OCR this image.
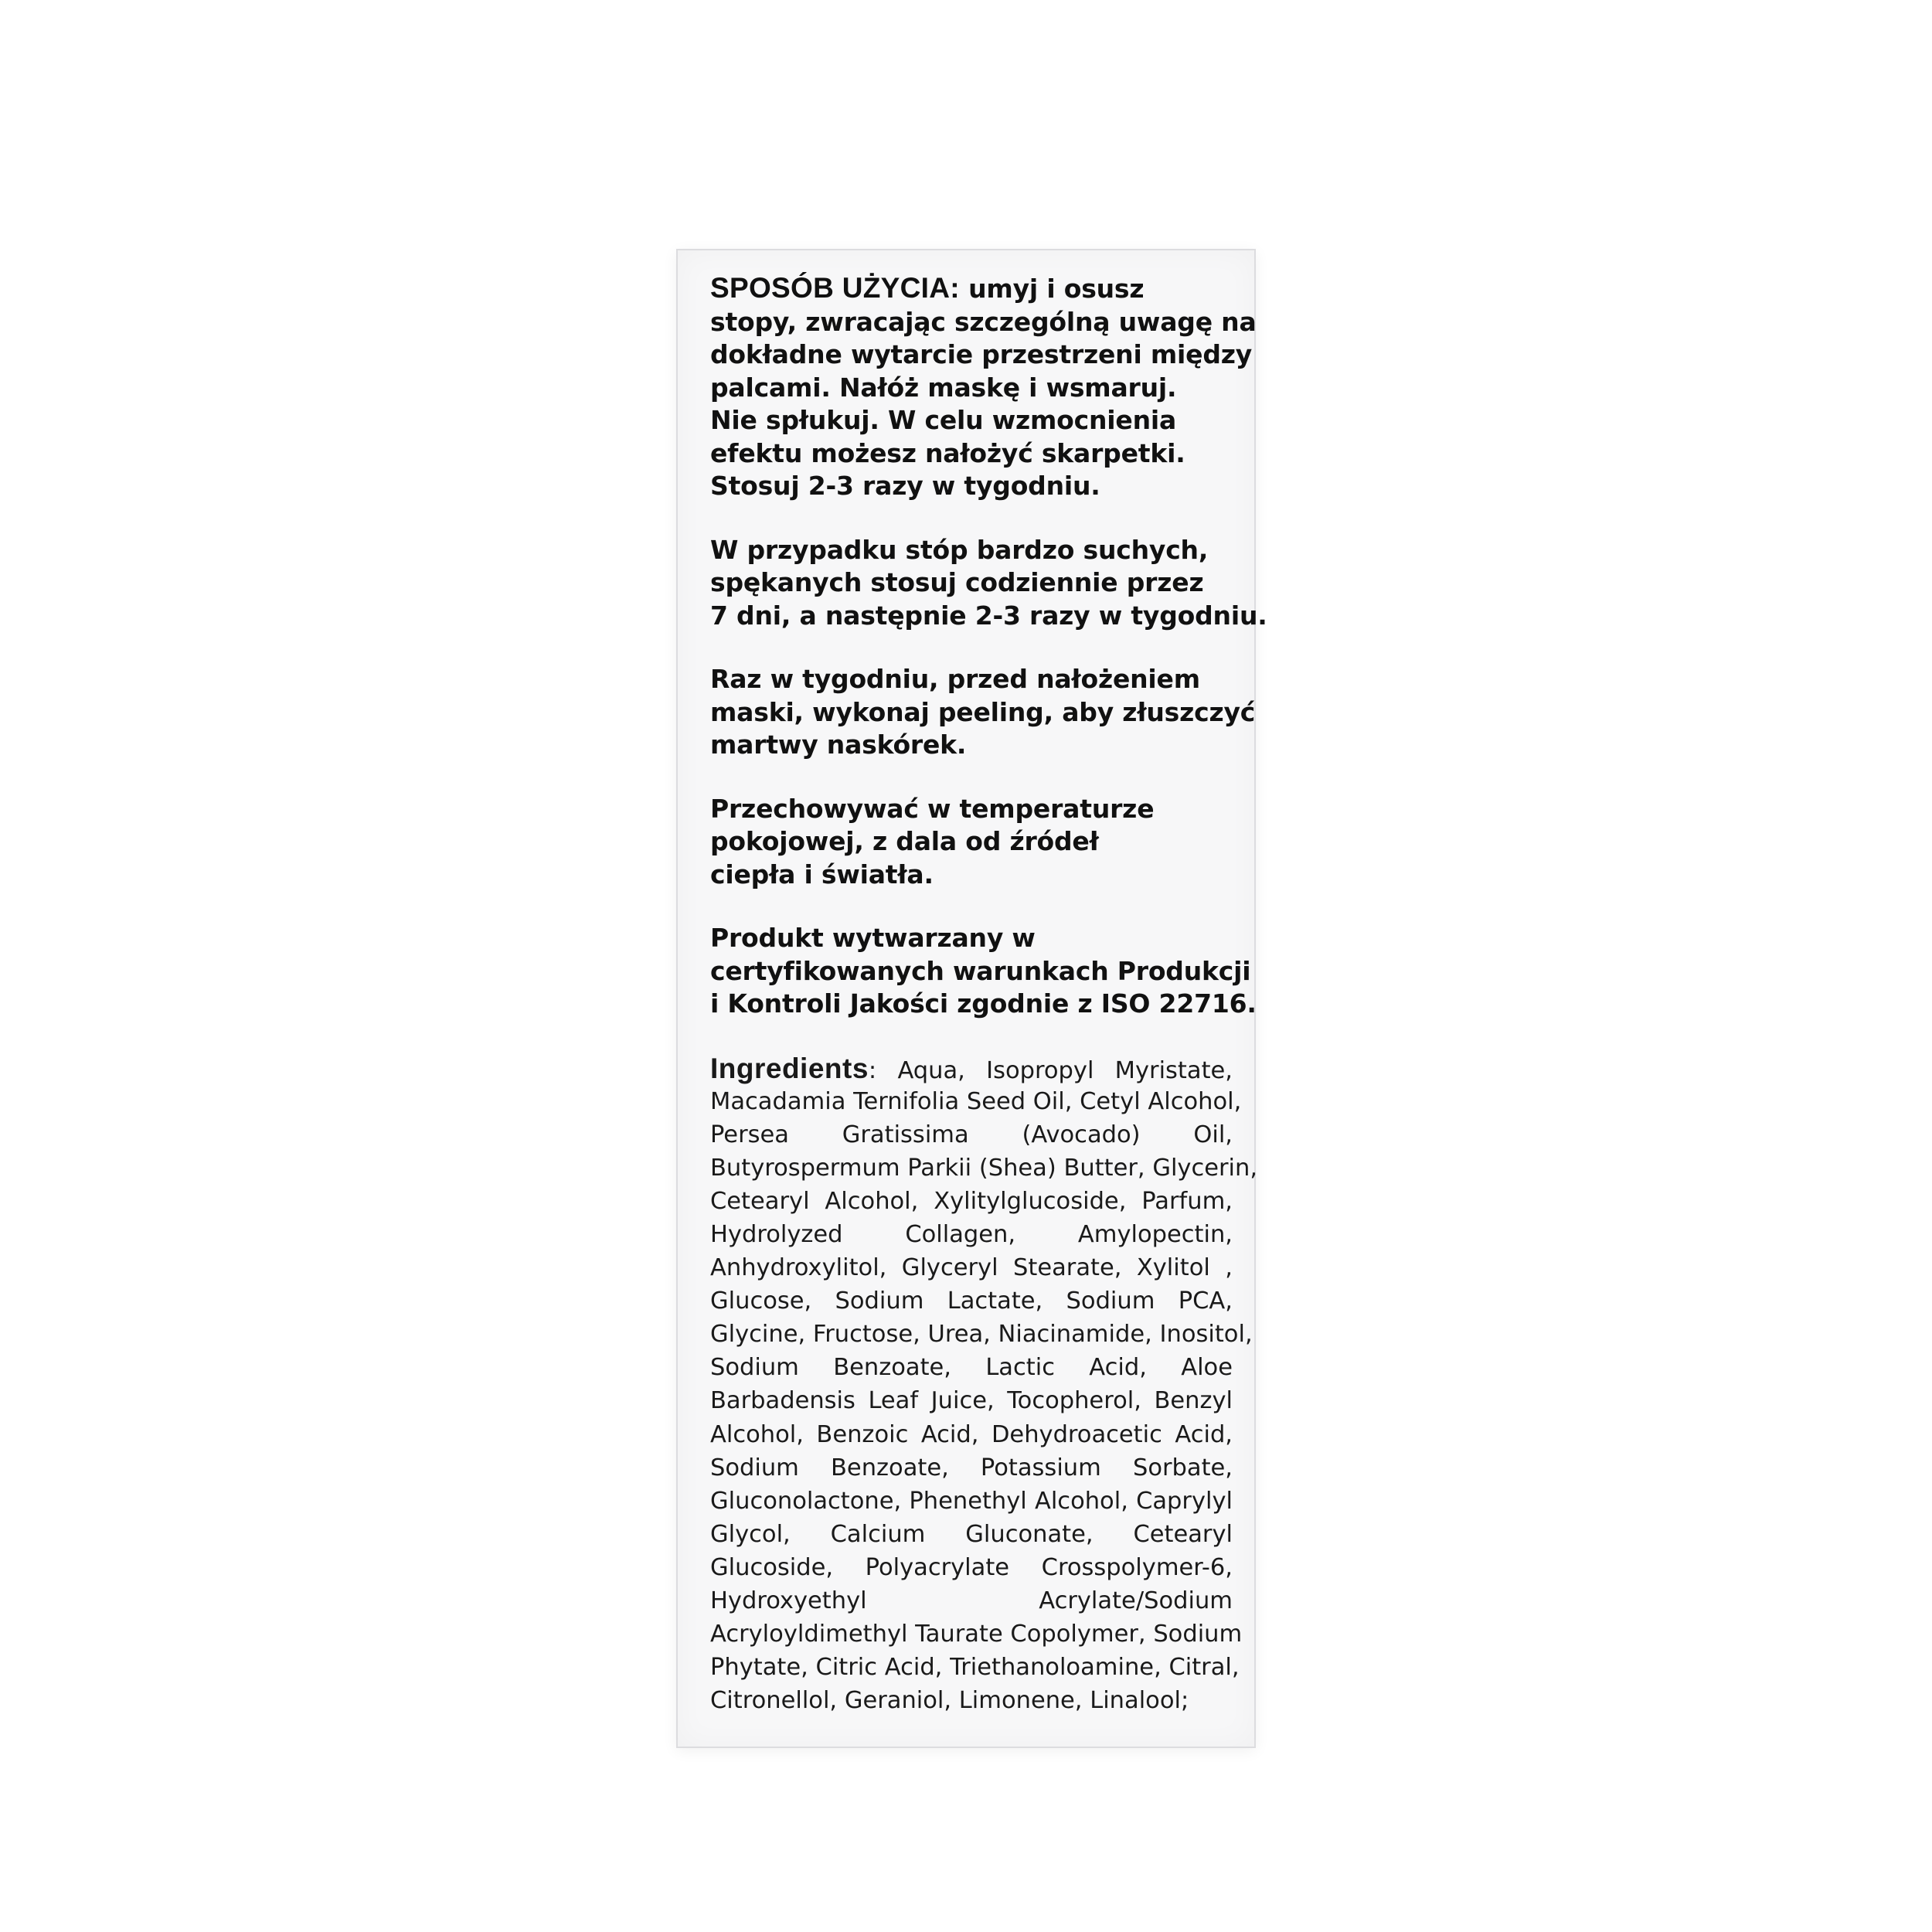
SPOSÓB UŻYCIA: umyj i osusz
stopy, zwracając szczególną uwagę na
dokładne wytarcie przestrzeni między
palcami. Nałóż maskę i wsmaruj.
Nie spłukuj. W celu wzmocnienia
efektu możesz nałożyć skarpetki.
Stosuj 2-3 razy w tygodniu.
W przypadku stóp bardzo suchych,
spękanych stosuj codziennie przez
7 dni, a następnie 2-3 razy w tygodniu.
Raz w tygodniu, przed nałożeniem
maski, wykonaj peeling, aby złuszczyć
martwy naskórek.
Przechowywać w temperaturze
pokojowej, z dala od źródeł
ciepła i światła.
Produkt wytwarzany w
certyfikowanych warunkach Produkcji
i Kontroli Jakości zgodnie z ISO 22716.
Ingredients: Aqua, Isopropyl Myristate,
Macadamia Ternifolia Seed Oil, Cetyl Alcohol,
Persea Gratissima (Avocado) Oil,
Butyrospermum Parkii (Shea) Butter, Glycerin,
Cetearyl Alcohol, Xylitylglucoside, Parfum,
Hydrolyzed Collagen, Amylopectin,
Anhydroxylitol, Glyceryl Stearate, Xylitol ,
Glucose, Sodium Lactate, Sodium PCA,
Glycine, Fructose, Urea, Niacinamide, Inositol,
Sodium Benzoate, Lactic Acid, Aloe
Barbadensis Leaf Juice, Tocopherol, Benzyl
Alcohol, Benzoic Acid, Dehydroacetic Acid,
Sodium Benzoate, Potassium Sorbate,
Gluconolactone, Phenethyl Alcohol, Caprylyl
Glycol, Calcium Gluconate, Cetearyl
Glucoside, Polyacrylate Crosspolymer-6,
Hydroxyethyl Acrylate/Sodium
Acryloyldimethyl Taurate Copolymer, Sodium
Phytate, Citric Acid, Triethanoloamine, Citral,
Citronellol, Geraniol, Limonene, Linalool;
